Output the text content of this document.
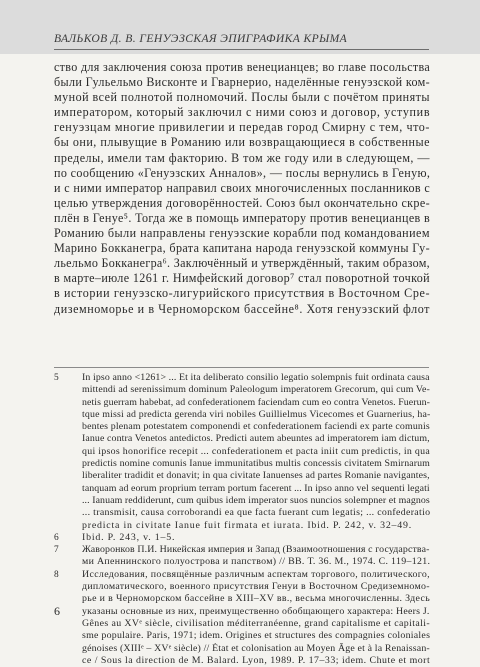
ВАЛЬКОВ Д. В. ГЕНУЭЗСКАЯ ЭПИГРАФИКА КРЫМА
ство для заключения союза против венецианцев; во главе посольства
были Гульельмо Висконте и Гварнерио, наделённые генуэзской ком-
муной всей полнотой полномочий. Послы были с почётом приняты
императором, который заключил с ними союз и договор, уступив
генуэзцам многие привилегии и передав город Смирну с тем, что-
бы они, плывущие в Романию или возвращающиеся в собственные
пределы, имели там факторию. В том же году или в следующем, —
по сообщению «Генуэзских Анналов», — послы вернулись в Геную,
и с ними император направил своих многочисленных посланников с
целью утверждения договорённостей. Союз был окончательно скре-
плён в Генуе⁵. Тогда же в помощь императору против венецианцев в
Романию были направлены генуэзские корабли под командованием
Марино Бокканегра, брата капитана народа генуэзской коммуны Гу-
льельмо Бокканегра⁶. Заключённый и утверждённый, таким образом,
в марте–июле 1261 г. Нимфейский договор⁷ стал поворотной точкой
в истории генуэзско-лигурийского присутствия в Восточном Сре-
диземноморье и в Черноморском бассейне⁸. Хотя генуэзский флот
5 In ipso anno <1261> ... Et ita deliberato consilio legatio solempnis fuit ordinata causa
mittendi ad serenissimum dominum Paleologum imperatorem Grecorum, qui cum Ve-
netis guerram habebat, ad confederationem faciendam cum eo contra Venetos. Fuerun-
tque missi ad predicta gerenda viri nobiles Guillielmus Vicecomes et Guarnerius, ha-
bentes plenam potestatem componendi et confederationem faciendi ex parte comunis
Ianue contra Venetos antedictos. Predicti autem abeuntes ad imperatorem iam dictum,
qui ipsos honorifice recepit ... confederationem et pacta iniit cum predictis, in qua
predictis nomine comunis Ianue immunitatibus multis concessis civitatem Smirnarum
liberaliter tradidit et donavit; in qua civitate Ianuenses ad partes Romanie navigantes,
tanquam ad eorum proprium terram portum facerent ... In ipso anno vel sequenti legati
... Ianuam reddiderunt, cum quibus idem imperator suos nuncios solempner et magnos
... transmisit, causa corroborandi ea que facta fuerant cum legatis; ... confederatio
predicta in civitate Ianue fuit firmata et iurata. Ibid. P. 242, v. 32–49.
6 Ibid. P. 243, v. 1–5.
7 Жаворонков П.И. Никейская империя и Запад (Взаимоотношения с государства-
ми Апеннинского полуострова и папством) // ВВ. Т. 36. М., 1974. С. 119–121.
8 Исследования, посвящённые различным аспектам торгового, политического,
дипломатического, военного присутствия Генуи в Восточном Средиземномо-
рье и в Черноморском бассейне в XIII–XV вв., весьма многочисленны. Здесь
указаны основные из них, преимущественно обобщающего характера: Heers J.
Gênes au XVᵉ siècle, civilisation méditerranéenne, grand capitalisme et capitali-
sme populaire. Paris, 1971; idem. Origines et structures des compagnies coloniales
génoises (XIIIᵉ – XVᵉ siècle) // État et colonisation au Moyen Âge et à la Renaissan-
ce / Sous la direction de M. Balard. Lyon, 1989. P. 17–33; idem. Chute et mort
6
